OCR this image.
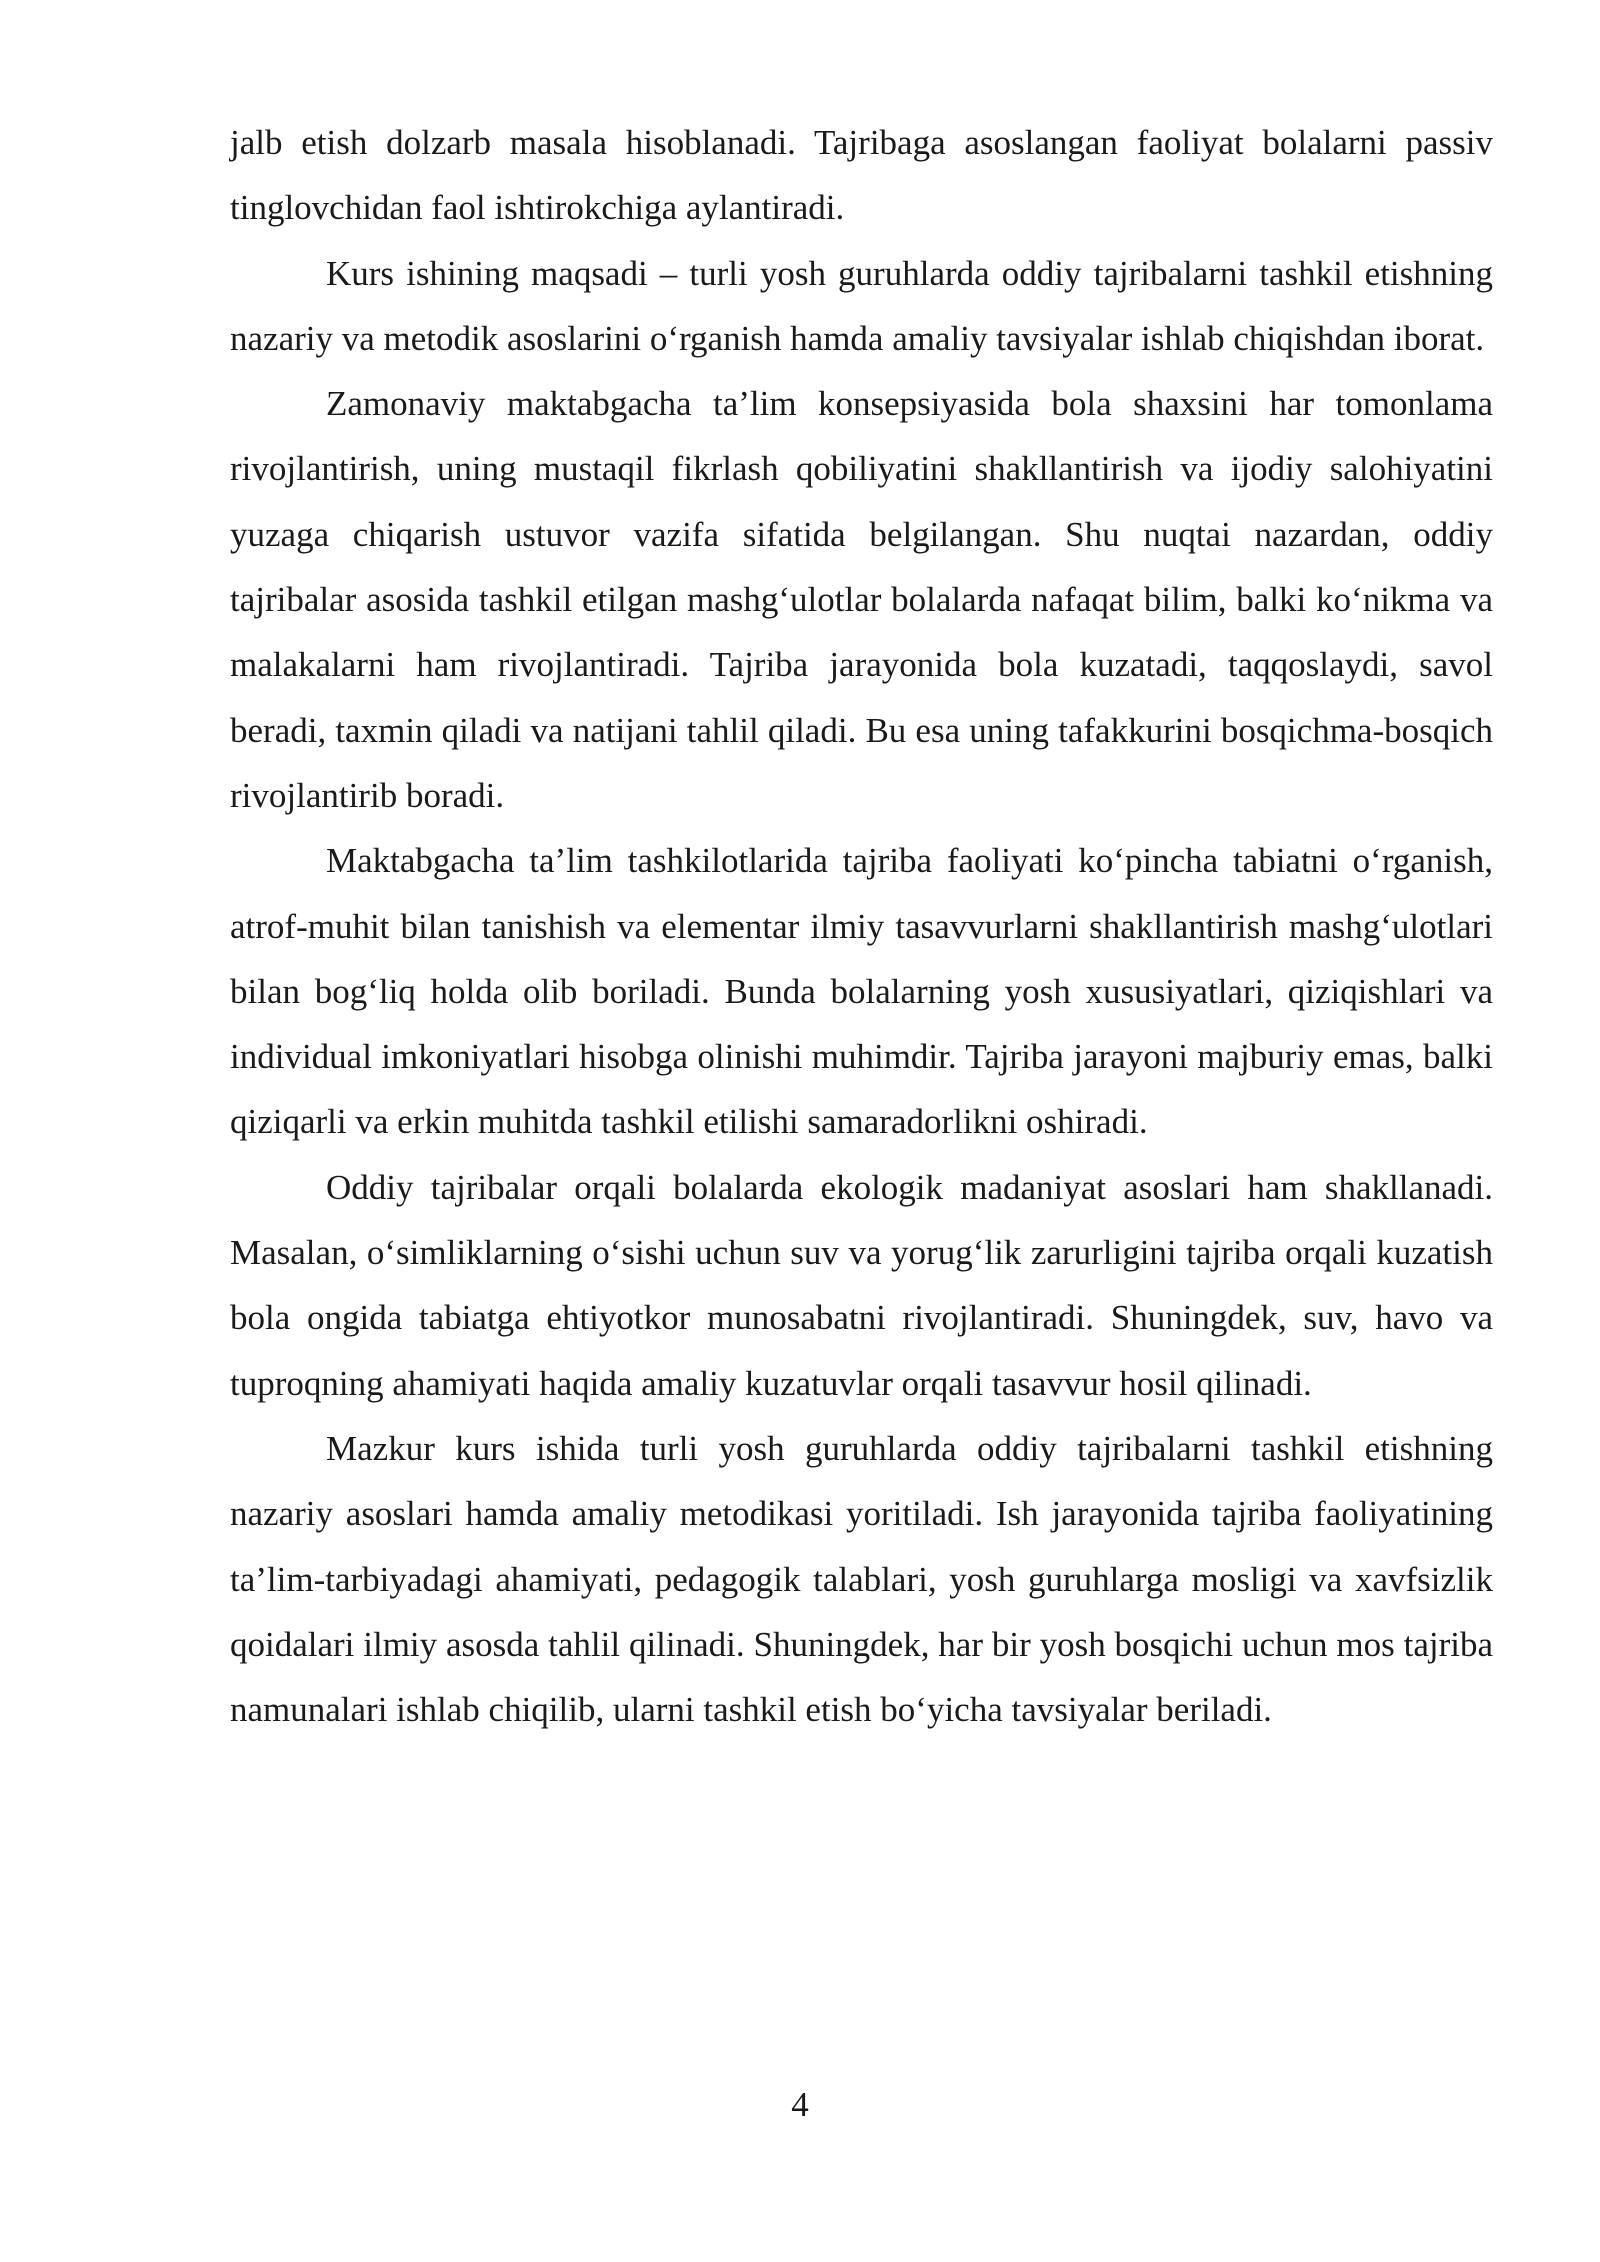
jalb etish dolzarb masala hisoblanadi. Tajribaga asoslangan faoliyat bolalarni passiv tinglovchidan faol ishtirokchiga aylantiradi.

Kurs ishining maqsadi – turli yosh guruhlarda oddiy tajribalarni tashkil etishning nazariy va metodik asoslarini o‘rganish hamda amaliy tavsiyalar ishlab chiqishdan iborat.

Zamonaviy maktabgacha ta’lim konsepsiyasida bola shaxsini har tomonlama rivojlantirish, uning mustaqil fikrlash qobiliyatini shakllantirish va ijodiy salohiyatini yuzaga chiqarish ustuvor vazifa sifatida belgilangan. Shu nuqtai nazardan, oddiy tajribalar asosida tashkil etilgan mashg‘ulotlar bolalarda nafaqat bilim, balki ko‘nikma va malakalarni ham rivojlantiradi. Tajriba jarayonida bola kuzatadi, taqqoslaydi, savol beradi, taxmin qiladi va natijani tahlil qiladi. Bu esa uning tafakkurini bosqichma-bosqich rivojlantirib boradi.

Maktabgacha ta’lim tashkilotlarida tajriba faoliyati ko‘pincha tabiatni o‘rganish, atrof-muhit bilan tanishish va elementar ilmiy tasavvurlarni shakllantirish mashg‘ulotlari bilan bog‘liq holda olib boriladi. Bunda bolalarning yosh xususiyatlari, qiziqishlari va individual imkoniyatlari hisobga olinishi muhimdir. Tajriba jarayoni majburiy emas, balki qiziqarli va erkin muhitda tashkil etilishi samaradorlikni oshiradi.

Oddiy tajribalar orqali bolalarda ekologik madaniyat asoslari ham shakllanadi. Masalan, o‘simliklarning o‘sishi uchun suv va yorug‘lik zarurligini tajriba orqali kuzatish bola ongida tabiatga ehtiyotkor munosabatni rivojlantiradi. Shuningdek, suv, havo va tuproqning ahamiyati haqida amaliy kuzatuvlar orqali tasavvur hosil qilinadi.

Mazkur kurs ishida turli yosh guruhlarda oddiy tajribalarni tashkil etishning nazariy asoslari hamda amaliy metodikasi yoritiladi. Ish jarayonida tajriba faoliyatining ta’lim-tarbiyadagi ahamiyati, pedagogik talablari, yosh guruhlarga mosligi va xavfsizlik qoidalari ilmiy asosda tahlil qilinadi. Shuningdek, har bir yosh bosqichi uchun mos tajriba namunalari ishlab chiqilib, ularni tashkil etish bo‘yicha tavsiyalar beriladi.

4
